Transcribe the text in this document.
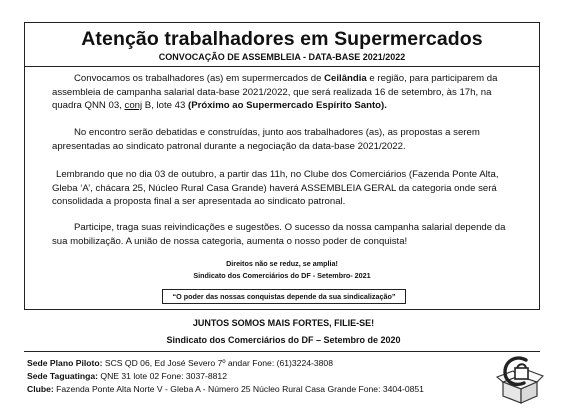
Atenção trabalhadores em Supermercados
CONVOCAÇÃO DE ASSEMBLEIA - DATA-BASE 2021/2022
Convocamos os trabalhadores (as) em supermercados de Ceilândia e região, para participarem da assembleia de campanha salarial data-base 2021/2022, que será realizada 16 de setembro, às 17h, na quadra QNN 03, conj B, lote 43 (Próximo ao Supermercado Espírito Santo).
No encontro serão debatidas e construídas, junto aos trabalhadores (as), as propostas a serem apresentadas ao sindicato patronal durante a negociação da data-base 2021/2022.
Lembrando que no dia 03 de outubro, a partir das 11h, no Clube dos Comerciários (Fazenda Ponte Alta, Gleba ‘A’, chácara 25, Núcleo Rural Casa Grande) haverá ASSEMBLEIA GERAL da categoria onde será consolidada a proposta final a ser apresentada ao sindicato patronal.
Participe, traga suas reivindicações e sugestões. O sucesso da nossa campanha salarial depende da sua mobilização. A união de nossa categoria, aumenta o nosso poder de conquista!
Direitos não se reduz, se amplia!
Sindicato dos Comerciários do DF - Setembro- 2021
“O poder das nossas conquistas depende da sua sindicalização”
JUNTOS SOMOS MAIS FORTES, FILIE-SE!
Sindicato dos Comerciários do DF – Setembro de 2020
Sede Plano Piloto: SCS QD 06, Ed José Severo 7º andar Fone: (61)3224-3808
Sede Taguatinga: QNE 31 lote 02 Fone: 3037-8812
Clube: Fazenda Ponte Alta Norte V - Gleba A - Número 25 Núcleo Rural Casa Grande Fone: 3404-0851
